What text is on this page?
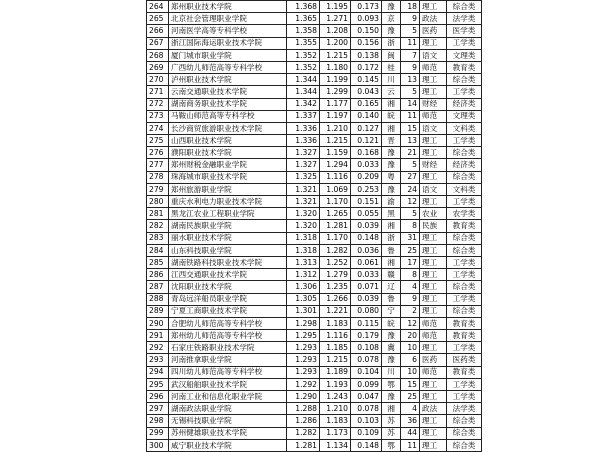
264	郑州职业技术学院	1.368	1.195	0.173	豫	18	理工	综合类
265	北京社会管理职业学院	1.365	1.271	0.093	京	9	政法	法学类
266	河南医学高等专科学校	1.358	1.208	0.150	豫	5	医药	医学类
267	浙江国际海运职业技术学院	1.355	1.200	0.156	浙	11	理工	工学类
268	厦门城市职业学院	1.352	1.215	0.138	闽	7	语文	文理类
269	广西幼儿师范高等专科学校	1.352	1.180	0.172	桂	9	师范	教育类
270	泸州职业技术学院	1.344	1.199	0.145	川	13	理工	综合类
271	云南交通职业技术学院	1.344	1.299	0.043	云	5	理工	工学类
272	湖南商务职业技术学院	1.342	1.177	0.165	湘	14	财经	经济类
273	马鞍山师范高等专科学校	1.337	1.197	0.140	皖	11	师范	文理类
274	长沙商贸旅游职业技术学院	1.336	1.210	0.127	湘	15	语文	文科类
275	山西职业技术学院	1.336	1.215	0.121	晋	13	理工	工学类
276	濮阳职业技术学院	1.327	1.159	0.168	豫	21	理工	综合类
277	郑州财税金融职业学院	1.327	1.294	0.033	豫	5	财经	经济类
278	珠海城市职业技术学院	1.325	1.116	0.209	粤	27	理工	综合类
279	郑州旅游职业学院	1.321	1.069	0.253	豫	24	语文	文科类
280	重庆水利电力职业技术学院	1.321	1.170	0.151	渝	12	理工	工学类
281	黑龙江农业工程职业学院	1.320	1.265	0.055	黑	5	农业	农学类
282	湖南民族职业学院	1.320	1.281	0.039	湘	8	民族	教育类
283	丽水职业技术学院	1.318	1.170	0.148	浙	31	理工	综合类
284	山东科技职业学院	1.318	1.282	0.036	鲁	25	理工	综合类
285	湖南铁路科技职业技术学院	1.313	1.252	0.061	湘	17	理工	工学类
286	江西交通职业技术学院	1.312	1.279	0.033	赣	8	理工	工学类
287	沈阳职业技术学院	1.306	1.235	0.071	辽	4	理工	综合类
288	青岛远洋船员职业学院	1.305	1.266	0.039	鲁	9	理工	工学类
289	宁夏工商职业技术学院	1.301	1.221	0.080	宁	2	理工	综合类
290	合肥幼儿师范高等专科学校	1.298	1.183	0.115	皖	12	师范	教育类
291	郑州幼儿师范高等专科学校	1.295	1.116	0.179	豫	20	师范	教育类
292	石家庄铁路职业技术学院	1.293	1.185	0.108	冀	10	理工	工学类
293	河南推拿职业学院	1.293	1.215	0.078	豫	6	医药	医药类
294	四川幼儿师范高等专科学校	1.293	1.189	0.104	川	10	师范	教育类
295	武汉船舶职业技术学院	1.292	1.193	0.099	鄂	15	理工	工学类
296	河南工业和信息化职业学院	1.290	1.243	0.047	豫	25	理工	工学类
297	湖南政法职业学院	1.288	1.210	0.078	湘	4	政法	法学类
298	无锡科技职业学院	1.286	1.183	0.103	苏	36	理工	综合类
299	苏州健雄职业技术学院	1.282	1.173	0.109	苏	44	理工	综合类
300	咸宁职业技术学院	1.281	1.134	0.148	鄂	11	理工	综合类
